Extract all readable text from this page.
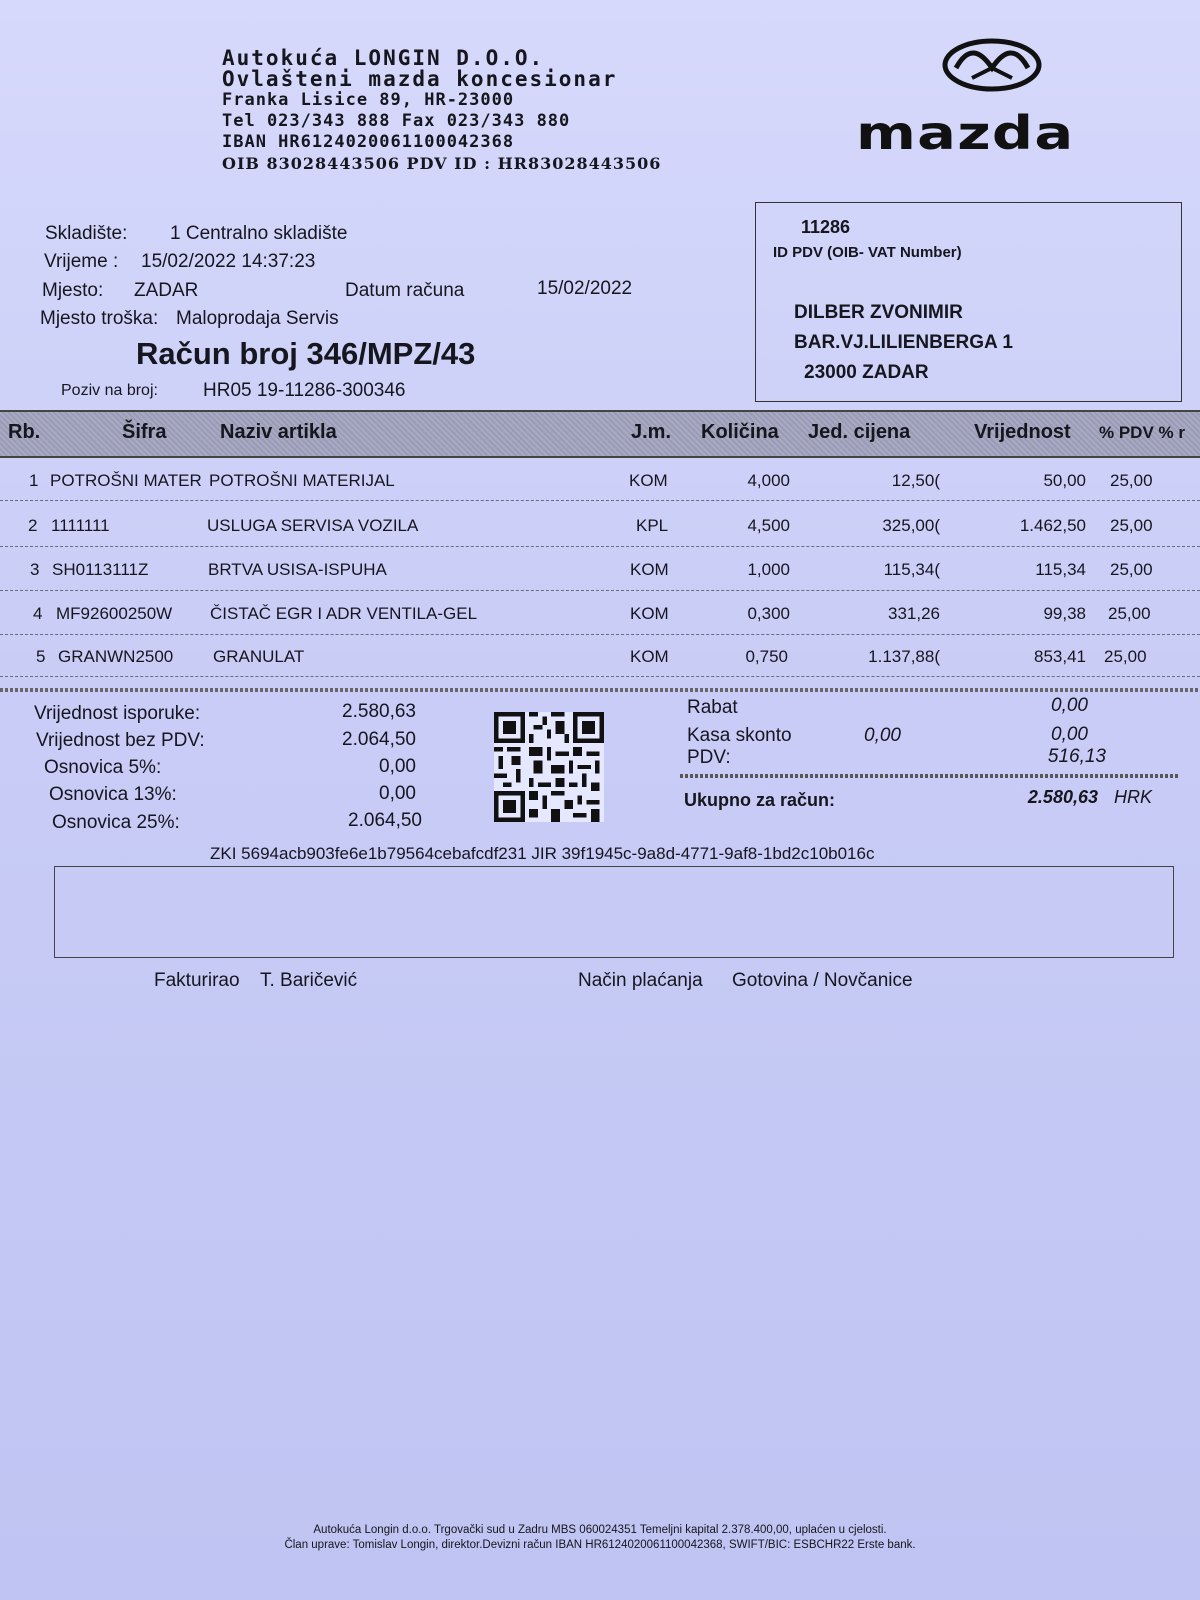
Autokuća LONGIN D.O.O.
Ovlašteni mazda koncesionar
Franka Lisice 89, HR-23000
Tel 023/343 888 Fax 023/343 880
IBAN HR6124020061100042368
OIB 83028443506 PDV ID : HR83028443506
mazda
Skladište: 1 Centralno skladište
Vrijeme : 15/02/2022 14:37:23
Mjesto: ZADAR	Datum računa	15/02/2022
Mjesto troška: Maloprodaja Servis
Račun broj 346/MPZ/43
Poziv na broj: HR05 19-11286-300346
11286
ID PDV (OIB- VAT Number)
DILBER ZVONIMIR
BAR.VJ.LILIENBERGA 1
23000 ZADAR
Rb.	Šifra	Naziv artikla	J.m. Količina Jed. cijena	Vrijednost % PDV % r
1 POTROŠNI MATER POTROŠNI MATERIJAL	KOM	4,000	12,50(	50,00 25,00
2 1111111	USLUGA SERVISA VOZILA	KPL	4,500	325,00(	1.462,50 25,00
3 SH0113111Z	BRTVA USISA-ISPUHA	KOM	1,000	115,34(	115,34 25,00
4 MF92600250W ČISTAČ EGR I ADR VENTILA-GEL	KOM	0,300	331,26	99,38 25,00
5 GRANWN2500 GRANULAT	KOM	0,750	1.137,88(	853,41 25,00
Vrijednost isporuke:	2.580,63
Vrijednost bez PDV:	2.064,50
Osnovica 5%:	0,00
Osnovica 13%:	0,00
Osnovica 25%:	2.064,50
Rabat	0,00
Kasa skonto	0,00	0,00
PDV:	516,13
Ukupno za račun:	2.580,63 HRK
ZKI 5694acb903fe6e1b79564cebafcdf231 JIR 39f1945c-9a8d-4771-9af8-1bd2c10b016c
Fakturirao T. Baričević	Način plaćanja Gotovina / Novčanice
Autokuća Longin d.o.o. Trgovački sud u Zadru MBS 060024351 Temeljni kapital 2.378.400,00, uplaćen u cjelosti.
Član uprave: Tomislav Longin, direktor.Devizni račun IBAN HR6124020061100042368, SWIFT/BIC: ESBCHR22 Erste bank.
